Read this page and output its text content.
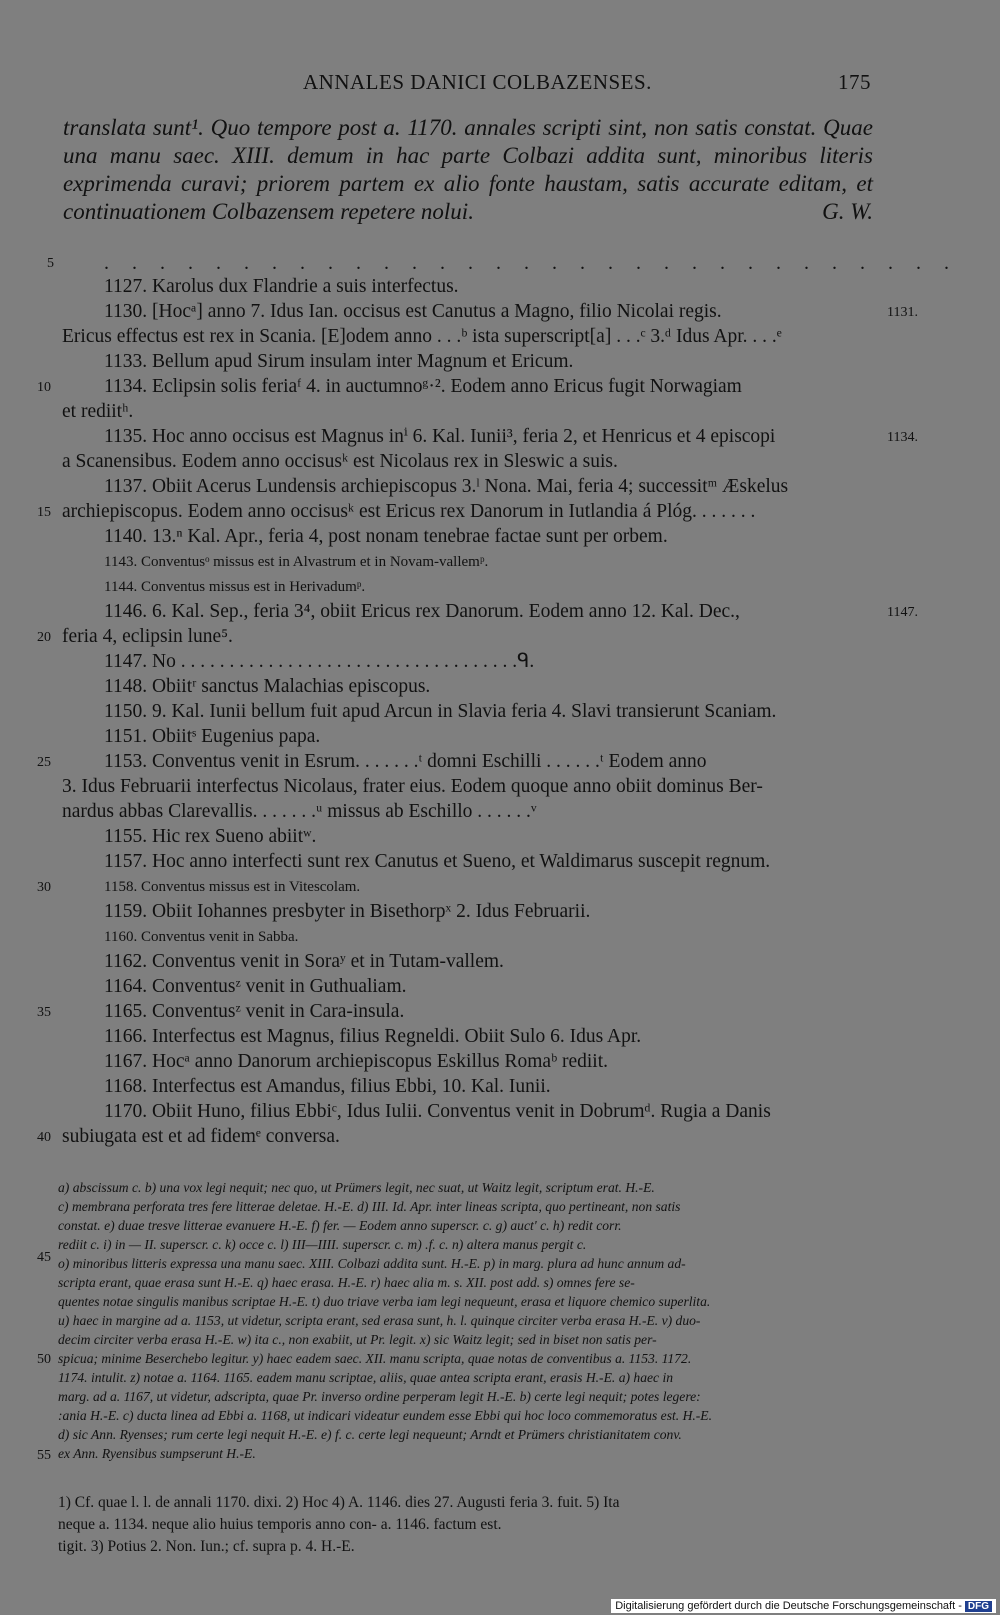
ANNALES DANICI COLBAZENSES.	175
translata sunt¹. Quo tempore post a. 1170. annales scripti sint, non satis constat. Quae una manu saec. XIII. demum in hac parte Colbazi addita sunt, minoribus literis exprimenda curavi; priorem partem ex alio fonte haustam, satis accurate editam, et continuationem Colbazensem repetere nolui.	G. W.
. . . . . . . . . . . . . . . . . . . . . . . . . . . . . . .
1127. Karolus dux Flandrie a suis interfectus.
1130. [Hocᵃ] anno 7. Idus Ian. occisus est Canutus a Magno, filio Nicolai regis.
Ericus effectus est rex in Scania. [E]odem anno . . .ᵇ ista superscript[a] . . .ᶜ 3.ᵈ Idus Apr. . . .ᵉ
1133. Bellum apud Sirum insulam inter Magnum et Ericum.
1134. Eclipsin solis feriaᶠ 4. in auctumnoᵍ·². Eodem anno Ericus fugit Norwagiam
et rediitʰ.
1135. Hoc anno occisus est Magnus inⁱ 6. Kal. Iunii³, feria 2, et Henricus et 4 episcopi
a Scanensibus. Eodem anno occisusᵏ est Nicolaus rex in Sleswic a suis.
1137. Obiit Acerus Lundensis archiepiscopus 3.ˡ Nona. Mai, feria 4; successitᵐ Æskelus
archiepiscopus. Eodem anno occisusᵏ est Ericus rex Danorum in Iutlandia á Plóg. . . . . . .
1140. 13.ⁿ Kal. Apr., feria 4, post nonam tenebrae factae sunt per orbem.
1143. Conventusᵒ missus est in Alvastrum et in Novam-vallemᵖ.
1144. Conventus missus est in Herivadumᵖ.
1146. 6. Kal. Sep., feria 3⁴, obiit Ericus rex Danorum. Eodem anno 12. Kal. Dec.,
feria 4, eclipsin lune⁵.
1147. No . . . . . . . . . . . . . . . . . . . . . . . . . . . . . . . . . . .ᑫ.
1148. Obiitʳ sanctus Malachias episcopus.
1150. 9. Kal. Iunii bellum fuit apud Arcun in Slavia feria 4. Slavi transierunt Scaniam.
1151. Obiitˢ Eugenius papa.
1153. Conventus venit in Esrum. . . . . . .ᵗ domni Eschilli . . . . . .ᵗ Eodem anno
3. Idus Februarii interfectus Nicolaus, frater eius. Eodem quoque anno obiit dominus Ber-
nardus abbas Clarevallis. . . . . . .ᵘ missus ab Eschillo . . . . . .ᵛ
1155. Hic rex Sueno abiitʷ.
1157. Hoc anno interfecti sunt rex Canutus et Sueno, et Waldimarus suscepit regnum.
1158. Conventus missus est in Vitescolam.
1159. Obiit Iohannes presbyter in Bisethorpˣ 2. Idus Februarii.
1160. Conventus venit in Sabba.
1162. Conventus venit in Soraʸ et in Tutam-vallem.
1164. Conventusᶻ venit in Guthualiam.
1165. Conventusᶻ venit in Cara-insula.
1166. Interfectus est Magnus, filius Regneldi. Obiit Sulo 6. Idus Apr.
1167. Hocᵃ anno Danorum archiepiscopus Eskillus Romaᵇ rediit.
1168. Interfectus est Amandus, filius Ebbi, 10. Kal. Iunii.
1170. Obiit Huno, filius Ebbiᶜ, Idus Iulii. Conventus venit in Dobrumᵈ. Rugia a Danis
subiugata est et ad fidemᵉ conversa.
5
10
15
20
25
30
35
40
45
50
55
1131.
1134.
1147.
a) abscissum c. b) una vox legi nequit; nec quo, ut Prümers legit, nec suat, ut Waitz legit, scriptum erat. H.-E.
c) membrana perforata tres fere litterae deletae. H.-E. d) III. Id. Apr. inter lineas scripta, quo pertineant, non satis
constat. e) duae tresve litterae evanuere H.-E. f) fer. — Eodem anno superscr. c. g) auct' c. h) redit corr.
rediit c. i) in — II. superscr. c. k) occe c. l) III—IIII. superscr. c. m) .f. c. n) altera manus pergit c.
o) minoribus litteris expressa una manu saec. XIII. Colbazi addita sunt. H.-E. p) in marg. plura ad hunc annum ad-
scripta erant, quae erasa sunt H.-E. q) haec erasa. H.-E. r) haec alia m. s. XII. post add. s) omnes fere se-
quentes notae singulis manibus scriptae H.-E. t) duo triave verba iam legi nequeunt, erasa et liquore chemico superlita.
u) haec in margine ad a. 1153, ut videtur, scripta erant, sed erasa sunt, h. l. quinque circiter verba erasa H.-E. v) duo-
decim circiter verba erasa H.-E. w) ita c., non exabiit, ut Pr. legit. x) sic Waitz legit; sed in biset non satis per-
spicua; minime Beserchebo legitur. y) haec eadem saec. XII. manu scripta, quae notas de conventibus a. 1153. 1172.
1174. intulit. z) notae a. 1164. 1165. eadem manu scriptae, aliis, quae antea scripta erant, erasis H.-E. a) haec in
marg. ad a. 1167, ut videtur, adscripta, quae Pr. inverso ordine perperam legit H.-E. b) certe legi nequit; potes legere:
:ania H.-E. c) ducta linea ad Ebbi a. 1168, ut indicari videatur eundem esse Ebbi qui hoc loco commemoratus est. H.-E.
d) sic Ann. Ryenses; rum certe legi nequit H.-E. e) f. c. certe legi nequeunt; Arndt et Prümers christianitatem conv.
ex Ann. Ryensibus sumpserunt H.-E.
1) Cf. quae l. l. de annali 1170. dixi. 2) Hoc 4) A. 1146. dies 27. Augusti feria 3. fuit. 5) Ita
neque a. 1134. neque alio huius temporis anno con- a. 1146. factum est.
tigit. 3) Potius 2. Non. Iun.; cf. supra p. 4. H.-E.
Digitalisierung gefördert durch die Deutsche Forschungsgemeinschaft - DFG
